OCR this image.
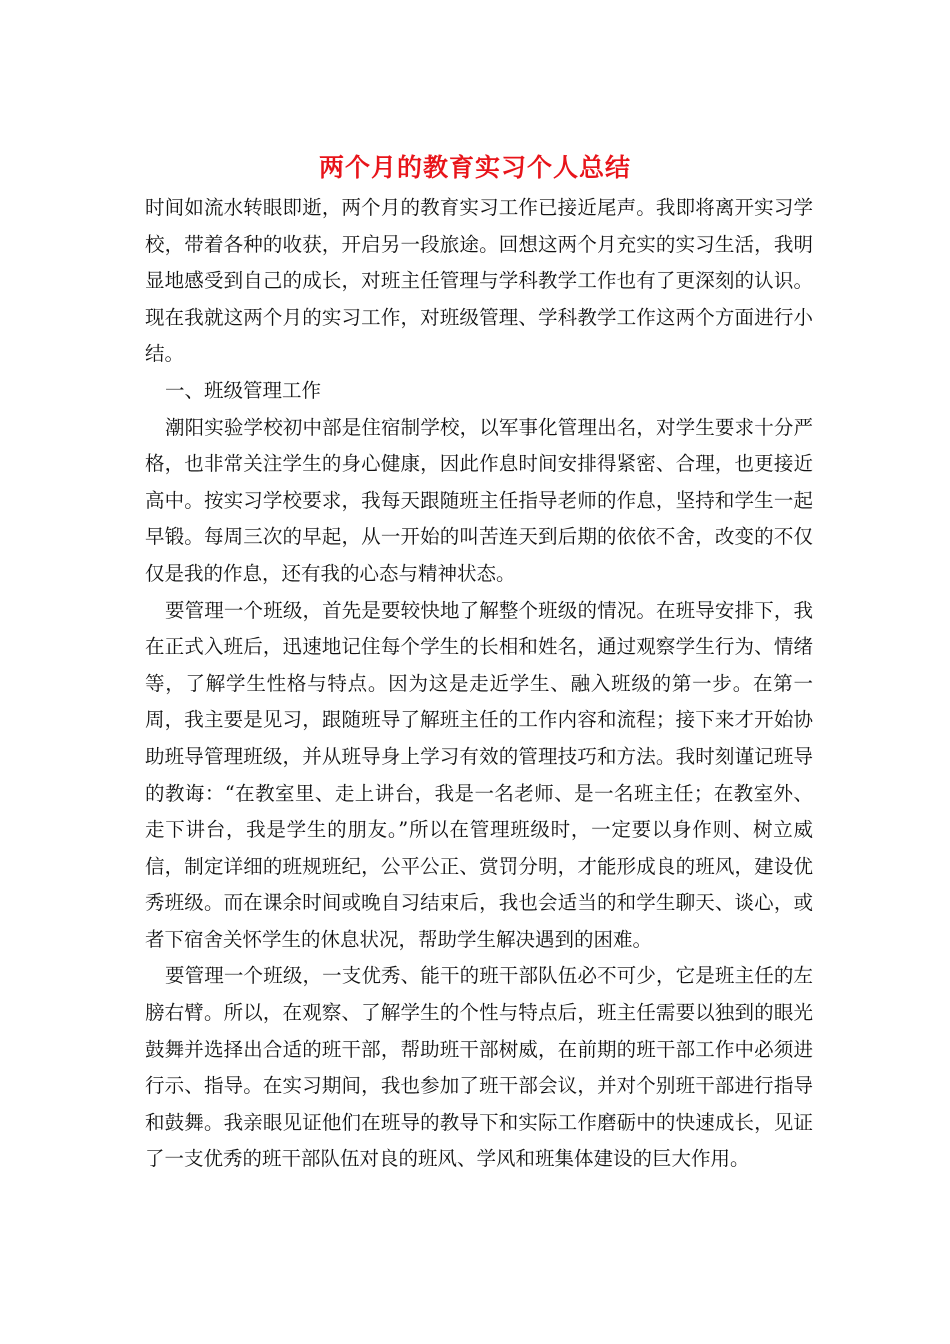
两个月的教育实习个人总结

时间如流水转眼即逝，两个月的教育实习工作已接近尾声。我即将离开实习学校，带着各种的收获，开启另一段旅途。回想这两个月充实的实习生活，我明显地感受到自己的成长，对班主任管理与学科教学工作也有了更深刻的认识。现在我就这两个月的实习工作，对班级管理、学科教学工作这两个方面进行小结。

一、班级管理工作

潮阳实验学校初中部是住宿制学校，以军事化管理出名，对学生要求十分严格，也非常关注学生的身心健康，因此作息时间安排得紧密、合理，也更接近高中。按实习学校要求，我每天跟随班主任指导老师的作息，坚持和学生一起早锻。每周三次的早起，从一开始的叫苦连天到后期的依依不舍，改变的不仅仅是我的作息，还有我的心态与精神状态。

要管理一个班级，首先是要较快地了解整个班级的情况。在班导安排下，我在正式入班后，迅速地记住每个学生的长相和姓名，通过观察学生行为、情绪等，了解学生性格与特点。因为这是走近学生、融入班级的第一步。在第一周，我主要是见习，跟随班导了解班主任的工作内容和流程；接下来才开始协助班导管理班级，并从班导身上学习有效的管理技巧和方法。我时刻谨记班导的教诲：“在教室里、走上讲台，我是一名老师、是一名班主任；在教室外、走下讲台，我是学生的朋友。”所以在管理班级时，一定要以身作则、树立威信，制定详细的班规班纪，公平公正、赏罚分明，才能形成良的班风，建设优秀班级。而在课余时间或晚自习结束后，我也会适当的和学生聊天、谈心，或者下宿舍关怀学生的休息状况，帮助学生解决遇到的困难。

要管理一个班级，一支优秀、能干的班干部队伍必不可少，它是班主任的左膀右臂。所以，在观察、了解学生的个性与特点后，班主任需要以独到的眼光鼓舞并选择出合适的班干部，帮助班干部树威，在前期的班干部工作中必须进行示、指导。在实习期间，我也参加了班干部会议，并对个别班干部进行指导和鼓舞。我亲眼见证他们在班导的教导下和实际工作磨砺中的快速成长，见证了一支优秀的班干部队伍对良的班风、学风和班集体建设的巨大作用。
